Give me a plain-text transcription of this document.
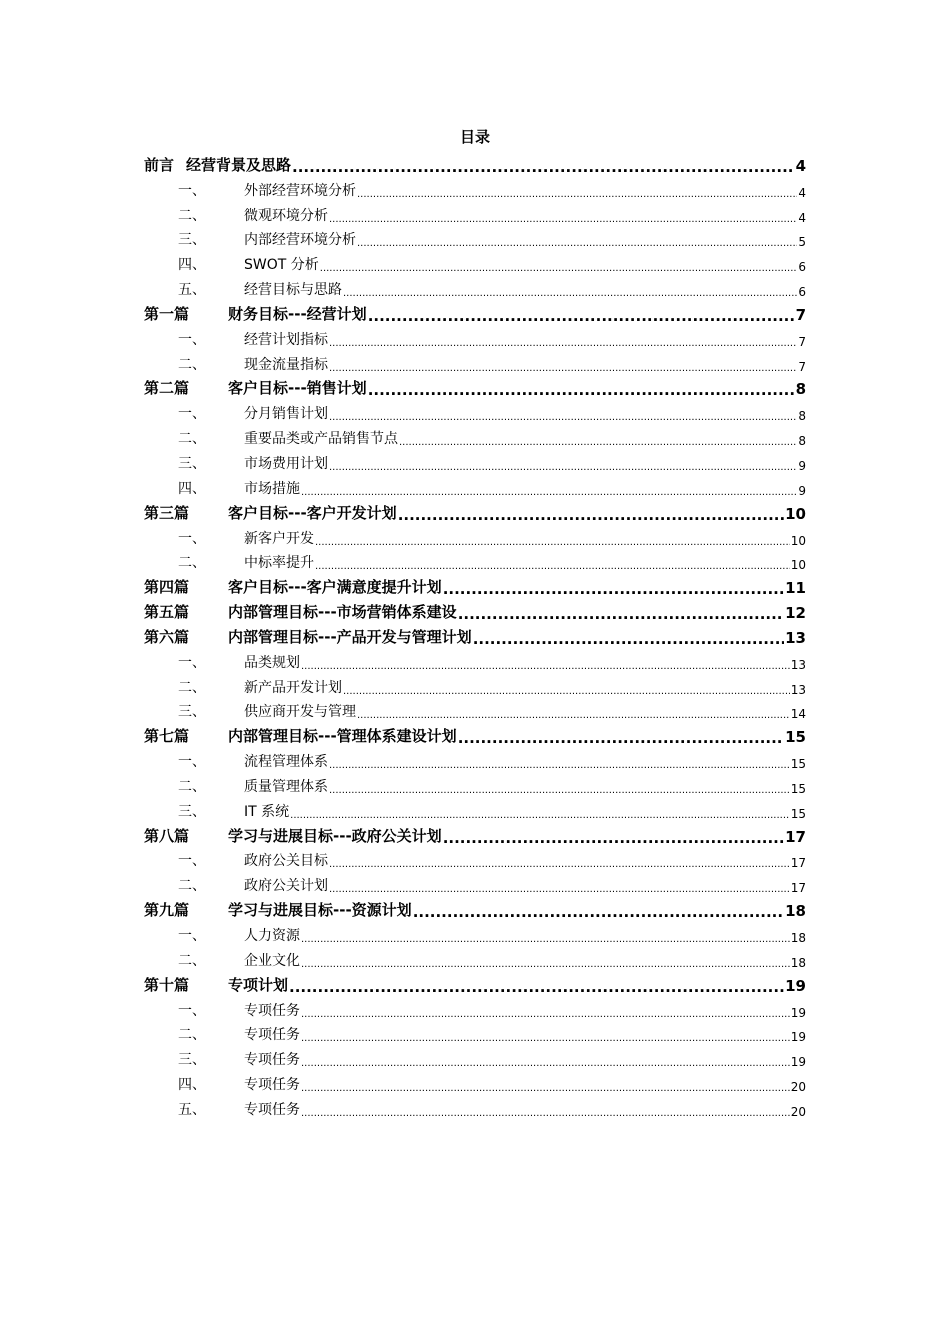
目录
前言 经营背景及思路 .....	4
一、	外部经营环境分析 .....	4
二、	微观环境分析 .....	4
三、	内部经营环境分析 .....	5
四、	SWOT 分析 .....	6
五、	经营目标与思路 .....	6
第一篇	财务目标---经营计划 .....	7
一、	经营计划指标 .....	7
二、	现金流量指标 .....	7
第二篇	客户目标---销售计划 .....	8
一、	分月销售计划 .....	8
二、	重要品类或产品销售节点 .....	8
三、	市场费用计划 .....	9
四、	市场措施 .....	9
第三篇	客户目标---客户开发计划 .....	10
一、	新客户开发 .....	10
二、	中标率提升 .....	10
第四篇	客户目标---客户满意度提升计划 .....	11
第五篇	内部管理目标---市场营销体系建设 .....	12
第六篇	内部管理目标---产品开发与管理计划 .....	13
一、	品类规划 .....	13
二、	新产品开发计划 .....	13
三、	供应商开发与管理 .....	14
第七篇	内部管理目标---管理体系建设计划 .....	15
一、	流程管理体系 .....	15
二、	质量管理体系 .....	15
三、	IT 系统 .....	15
第八篇	学习与进展目标---政府公关计划 .....	17
一、	政府公关目标 .....	17
二、	政府公关计划 .....	17
第九篇	学习与进展目标---资源计划 .....	18
一、	人力资源 .....	18
二、	企业文化 .....	18
第十篇	专项计划 .....	19
一、	专项任务 .....	19
二、	专项任务 .....	19
三、	专项任务 .....	19
四、	专项任务 .....	20
五、	专项任务 .....	20
